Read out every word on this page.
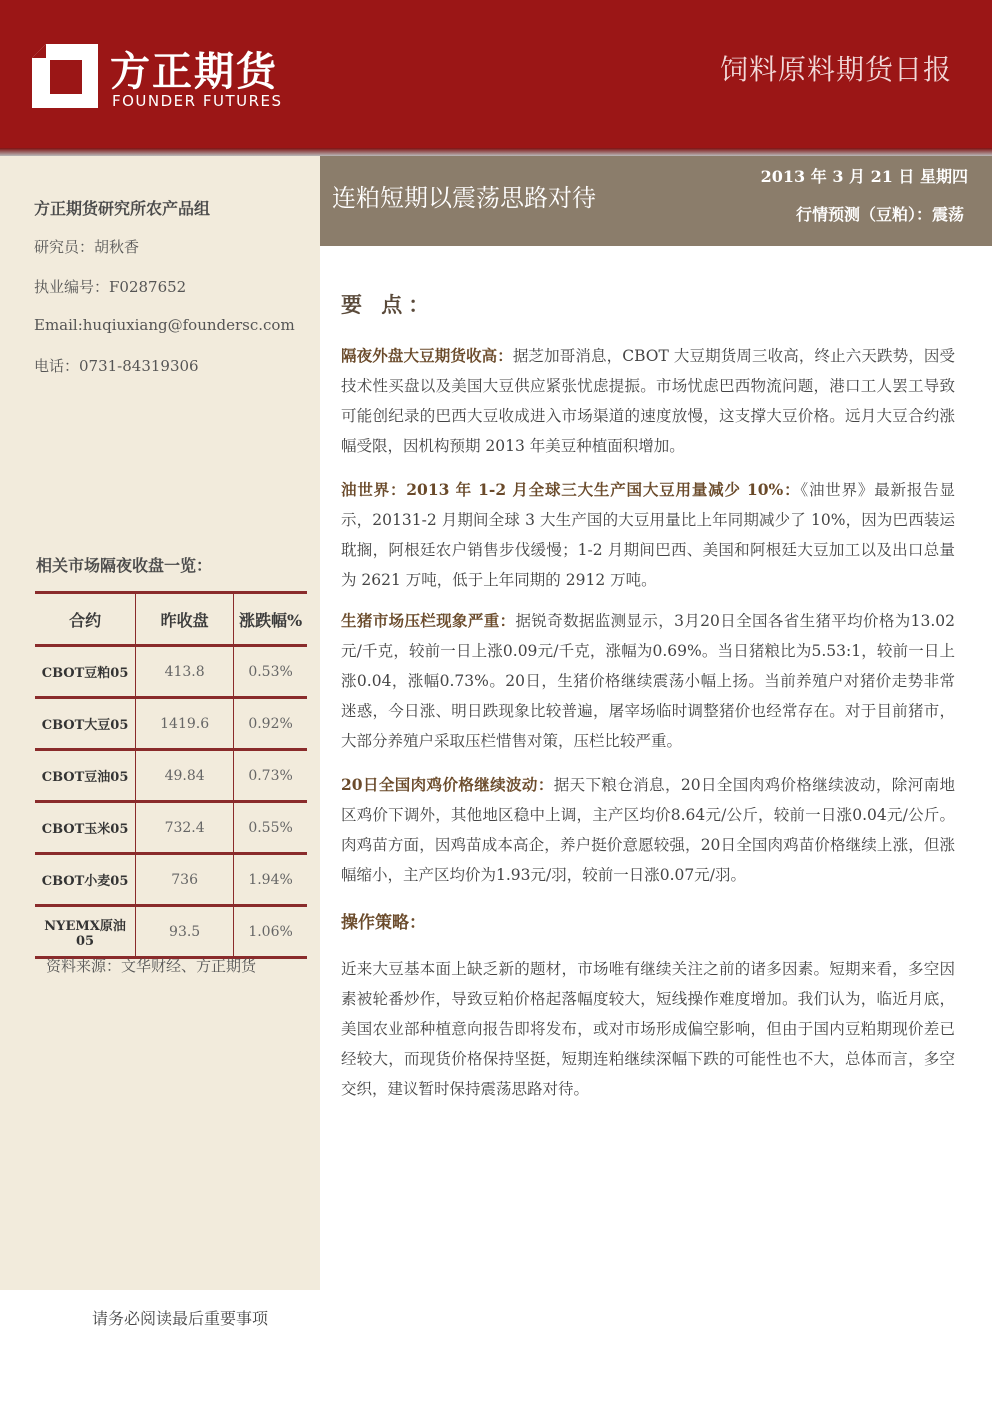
方正期货
FOUNDER FUTURES
饲料原料期货日报
方正期货研究所农产品组
研究员：胡秋香
执业编号：F0287652
Email:huqiuxiang@foundersc.com
电话：0731-84319306
相关市场隔夜收盘一览：
合约	昨收盘	涨跌幅%
CBOT豆粕05	413.8	0.53%
CBOT大豆05	1419.6	0.92%
CBOT豆油05	49.84	0.73%
CBOT玉米05	732.4	0.55%
CBOT小麦05	736	1.94%
NYEMX原油05	93.5	1.06%
资料来源：文华财经、方正期货
请务必阅读最后重要事项
连粕短期以震荡思路对待
2013 年 3 月 21 日 星期四
行情预测（豆粕）：震荡
要 点：
隔夜外盘大豆期货收高：据芝加哥消息，CBOT 大豆期货周三收高，终止六天跌势，因受技术性买盘以及美国大豆供应紧张忧虑提振。市场忧虑巴西物流问题，港口工人罢工导致可能创纪录的巴西大豆收成进入市场渠道的速度放慢，这支撑大豆价格。远月大豆合约涨幅受限，因机构预期 2013 年美豆种植面积增加。
油世界：2013 年 1-2 月全球三大生产国大豆用量减少 10%：《油世界》最新报告显示，20131-2 月期间全球 3 大生产国的大豆用量比上年同期减少了 10%，因为巴西装运耽搁，阿根廷农户销售步伐缓慢；1-2 月期间巴西、美国和阿根廷大豆加工以及出口总量为 2621 万吨，低于上年同期的 2912 万吨。
生猪市场压栏现象严重：据锐奇数据监测显示，3月20日全国各省生猪平均价格为13.02元/千克，较前一日上涨0.09元/千克，涨幅为0.69%。当日猪粮比为5.53:1，较前一日上涨0.04，涨幅0.73%。20日，生猪价格继续震荡小幅上扬。当前养殖户对猪价走势非常迷惑，今日涨、明日跌现象比较普遍，屠宰场临时调整猪价也经常存在。对于目前猪市，大部分养殖户采取压栏惜售对策，压栏比较严重。
20日全国肉鸡价格继续波动：据天下粮仓消息，20日全国肉鸡价格继续波动，除河南地区鸡价下调外，其他地区稳中上调，主产区均价8.64元/公斤，较前一日涨0.04元/公斤。肉鸡苗方面，因鸡苗成本高企，养户挺价意愿较强，20日全国肉鸡苗价格继续上涨，但涨幅缩小，主产区均价为1.93元/羽，较前一日涨0.07元/羽。
操作策略：
近来大豆基本面上缺乏新的题材，市场唯有继续关注之前的诸多因素。短期来看，多空因素被轮番炒作，导致豆粕价格起落幅度较大，短线操作难度增加。我们认为，临近月底，美国农业部种植意向报告即将发布，或对市场形成偏空影响，但由于国内豆粕期现价差已经较大，而现货价格保持坚挺，短期连粕继续深幅下跌的可能性也不大，总体而言，多空交织，建议暂时保持震荡思路对待。
